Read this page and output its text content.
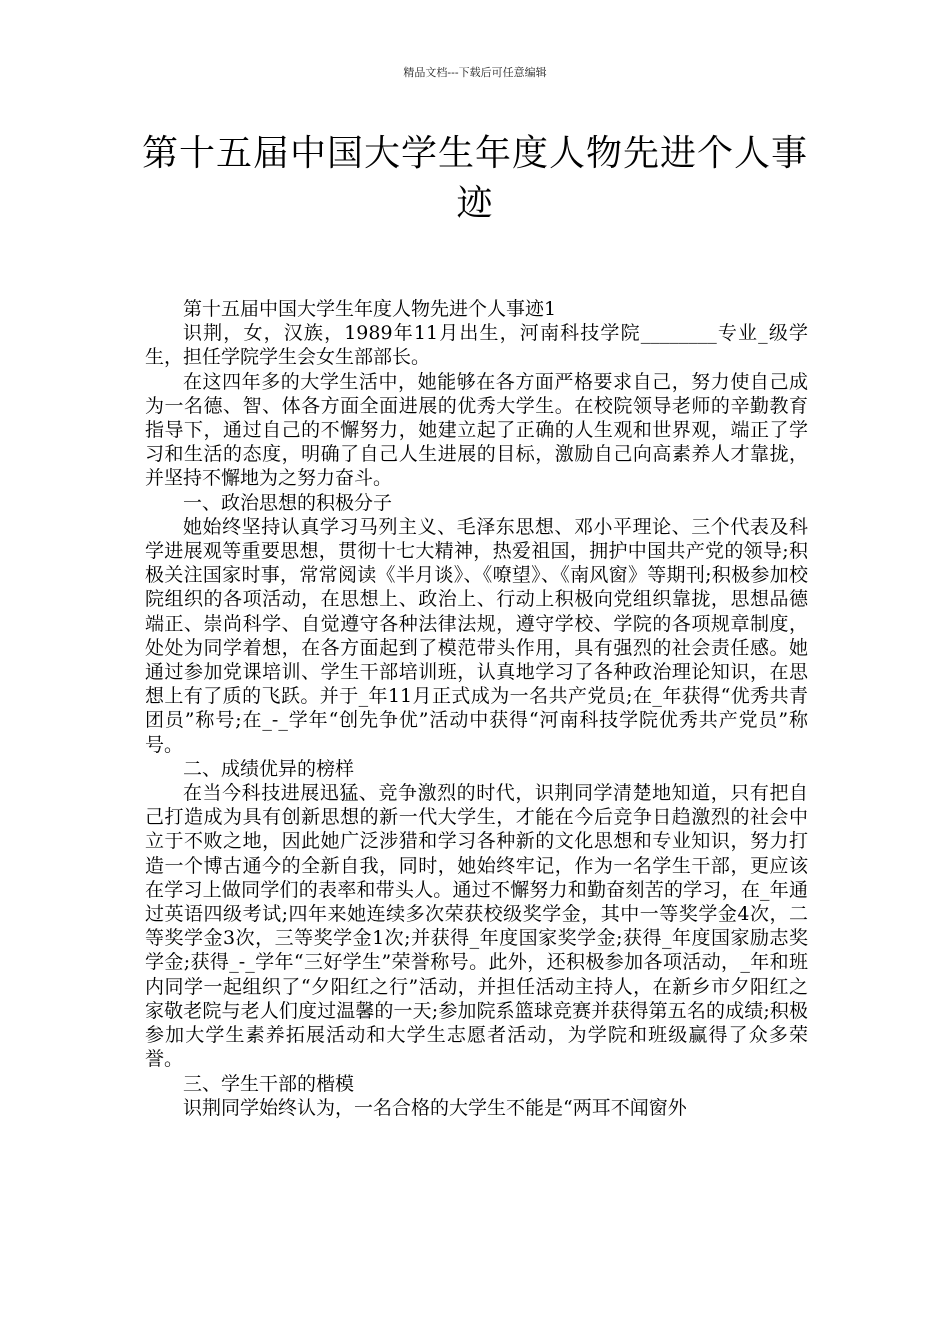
精品文档---下载后可任意编辑
第十五届中国大学生年度人物先进个人事迹

第十五届中国大学生年度人物先进个人事迹1

识荆，女，汉族，1989年11月出生，河南科技学院________专业_级学生，担任学院学生会女生部部长。

在这四年多的大学生活中，她能够在各方面严格要求自己，努力使自己成为一名德、智、体各方面全面进展的优秀大学生。在校院领导老师的辛勤教育指导下，通过自己的不懈努力，她建立起了正确的人生观和世界观，端正了学习和生活的态度，明确了自己人生进展的目标，激励自己向高素养人才靠拢，并坚持不懈地为之努力奋斗。

一、政治思想的积极分子

她始终坚持认真学习马列主义、毛泽东思想、邓小平理论、三个代表及科学进展观等重要思想，贯彻十七大精神，热爱祖国，拥护中国共产党的领导;积极关注国家时事，常常阅读《半月谈》、《嘹望》、《南风窗》等期刊;积极参加校院组织的各项活动，在思想上、政治上、行动上积极向党组织靠拢，思想品德端正、崇尚科学、自觉遵守各种法律法规，遵守学校、学院的各项规章制度，处处为同学着想，在各方面起到了模范带头作用，具有强烈的社会责任感。她通过参加党课培训、学生干部培训班，认真地学习了各种政治理论知识，在思想上有了质的飞跃。并于_年11月正式成为一名共产党员;在_年获得“优秀共青团员”称号;在_-_学年“创先争优”活动中获得“河南科技学院优秀共产党员”称号。

二、成绩优异的榜样

在当今科技进展迅猛、竞争激烈的时代，识荆同学清楚地知道，只有把自己打造成为具有创新思想的新一代大学生，才能在今后竞争日趋激烈的社会中立于不败之地，因此她广泛涉猎和学习各种新的文化思想和专业知识，努力打造一个博古通今的全新自我，同时，她始终牢记，作为一名学生干部，更应该在学习上做同学们的表率和带头人。通过不懈努力和勤奋刻苦的学习，在_年通过英语四级考试;四年来她连续多次荣获校级奖学金，其中一等奖学金4次，二等奖学金3次，三等奖学金1次;并获得_年度国家奖学金;获得_年度国家励志奖学金;获得_-_学年“三好学生”荣誉称号。此外，还积极参加各项活动，_年和班内同学一起组织了“夕阳红之行”活动，并担任活动主持人，在新乡市夕阳红之家敬老院与老人们度过温馨的一天;参加院系篮球竞赛并获得第五名的成绩;积极参加大学生素养拓展活动和大学生志愿者活动，为学院和班级赢得了众多荣誉。

三、学生干部的楷模

识荆同学始终认为，一名合格的大学生不能是“两耳不闻窗外
